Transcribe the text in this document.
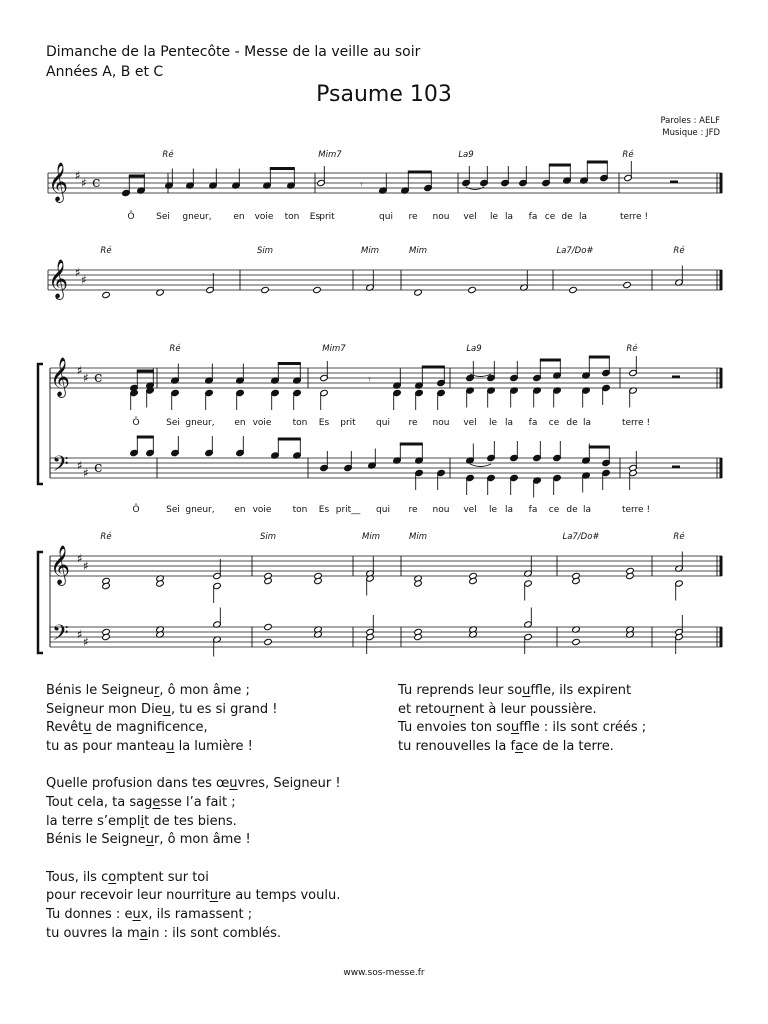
Dimanche de la Pentecôte - Messe de la veille au soir
Années A, B et C
Psaume 103
Paroles : AELF
Musique : JFD
𝄞 ♯
♯ c	𝄾
𝄞 ♯
♯
𝄞 ♯
♯ c
𝄢 ♯
♯ c
𝄾
𝄞 ♯
♯
𝄢 ♯
♯
Ré	Mim7	La9	Ré
Ô Sei gneur, en voie ton Es prit	qui re nou vel le la fa ce de la	terre !
Ré	Sim	Mim	Mim	La7/Do#	Ré
Ré	Mim7	La9	Ré
Ô	Sei gneur, en voie ton Es prit qui re nou vel le la fa ce de la	terre !
Ô	Sei gneur, en voie ton Es prit__ qui re nou vel le la fa ce de la	terre !
Ré	Sim	Mim	Mim	La7/Do#	Ré
Bénis le Seigneur, ô mon âme ;
Seigneur mon Dieu, tu es si grand !
Revêtu de magnificence,
tu as pour manteau la lumière !
Quelle profusion dans tes œuvres, Seigneur !
Tout cela, ta sagesse l’a fait ;
la terre s’emplit de tes biens.
Bénis le Seigneur, ô mon âme !
Tous, ils comptent sur toi
pour recevoir leur nourriture au temps voulu.
Tu donnes : eux, ils ramassent ;
tu ouvres la main : ils sont comblés.
Tu reprends leur souffle, ils expirent
et retournent à leur poussière.
Tu envoies ton souffle : ils sont créés ;
tu renouvelles la face de la terre.
www.sos-messe.fr
